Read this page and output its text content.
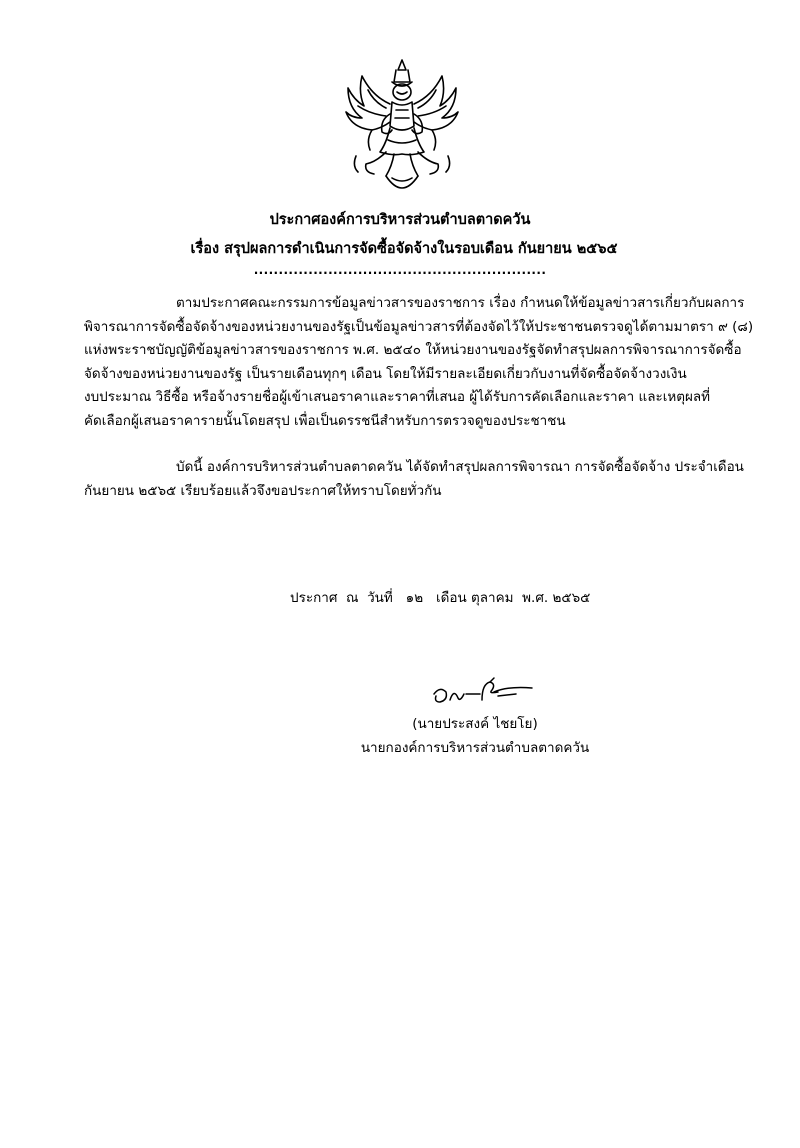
ประกาศองค์การบริหารส่วนตำบลตาดควัน
เรื่อง สรุปผลการดำเนินการจัดซื้อจัดจ้างในรอบเดือน กันยายน ๒๕๖๕
...........................................................
ตามประกาศคณะกรรมการข้อมูลข่าวสารของราชการ เรื่อง กำหนดให้ข้อมูลข่าวสารเกี่ยวกับผลการ
พิจารณาการจัดซื้อจัดจ้างของหน่วยงานของรัฐเป็นข้อมูลข่าวสารที่ต้องจัดไว้ให้ประชาชนตรวจดูได้ตามมาตรา ๙ (๘)
แห่งพระราชบัญญัติข้อมูลข่าวสารของราชการ พ.ศ. ๒๕๔๐ ให้หน่วยงานของรัฐจัดทำสรุปผลการพิจารณาการจัดซื้อ
จัดจ้างของหน่วยงานของรัฐ เป็นรายเดือนทุกๆ เดือน โดยให้มีรายละเอียดเกี่ยวกับงานที่จัดซื้อจัดจ้างวงเงิน
งบประมาณ วิธีซื้อ หรือจ้างรายชื่อผู้เข้าเสนอราคาและราคาที่เสนอ ผู้ได้รับการคัดเลือกและราคา และเหตุผลที่
คัดเลือกผู้เสนอราคารายนั้นโดยสรุป เพื่อเป็นดรรชนีสำหรับการตรวจดูของประชาชน
บัดนี้ องค์การบริหารส่วนตำบลตาดควัน ได้จัดทำสรุปผลการพิจารณา การจัดซื้อจัดจ้าง ประจำเดือน
กันยายน ๒๕๖๕ เรียบร้อยแล้วจึงขอประกาศให้ทราบโดยทั่วกัน
ประกาศ  ณ  วันที่   ๑๒   เดือน ตุลาคม  พ.ศ. ๒๕๖๕
(นายประสงค์ ไชยโย)
นายกองค์การบริหารส่วนตำบลตาดควัน
